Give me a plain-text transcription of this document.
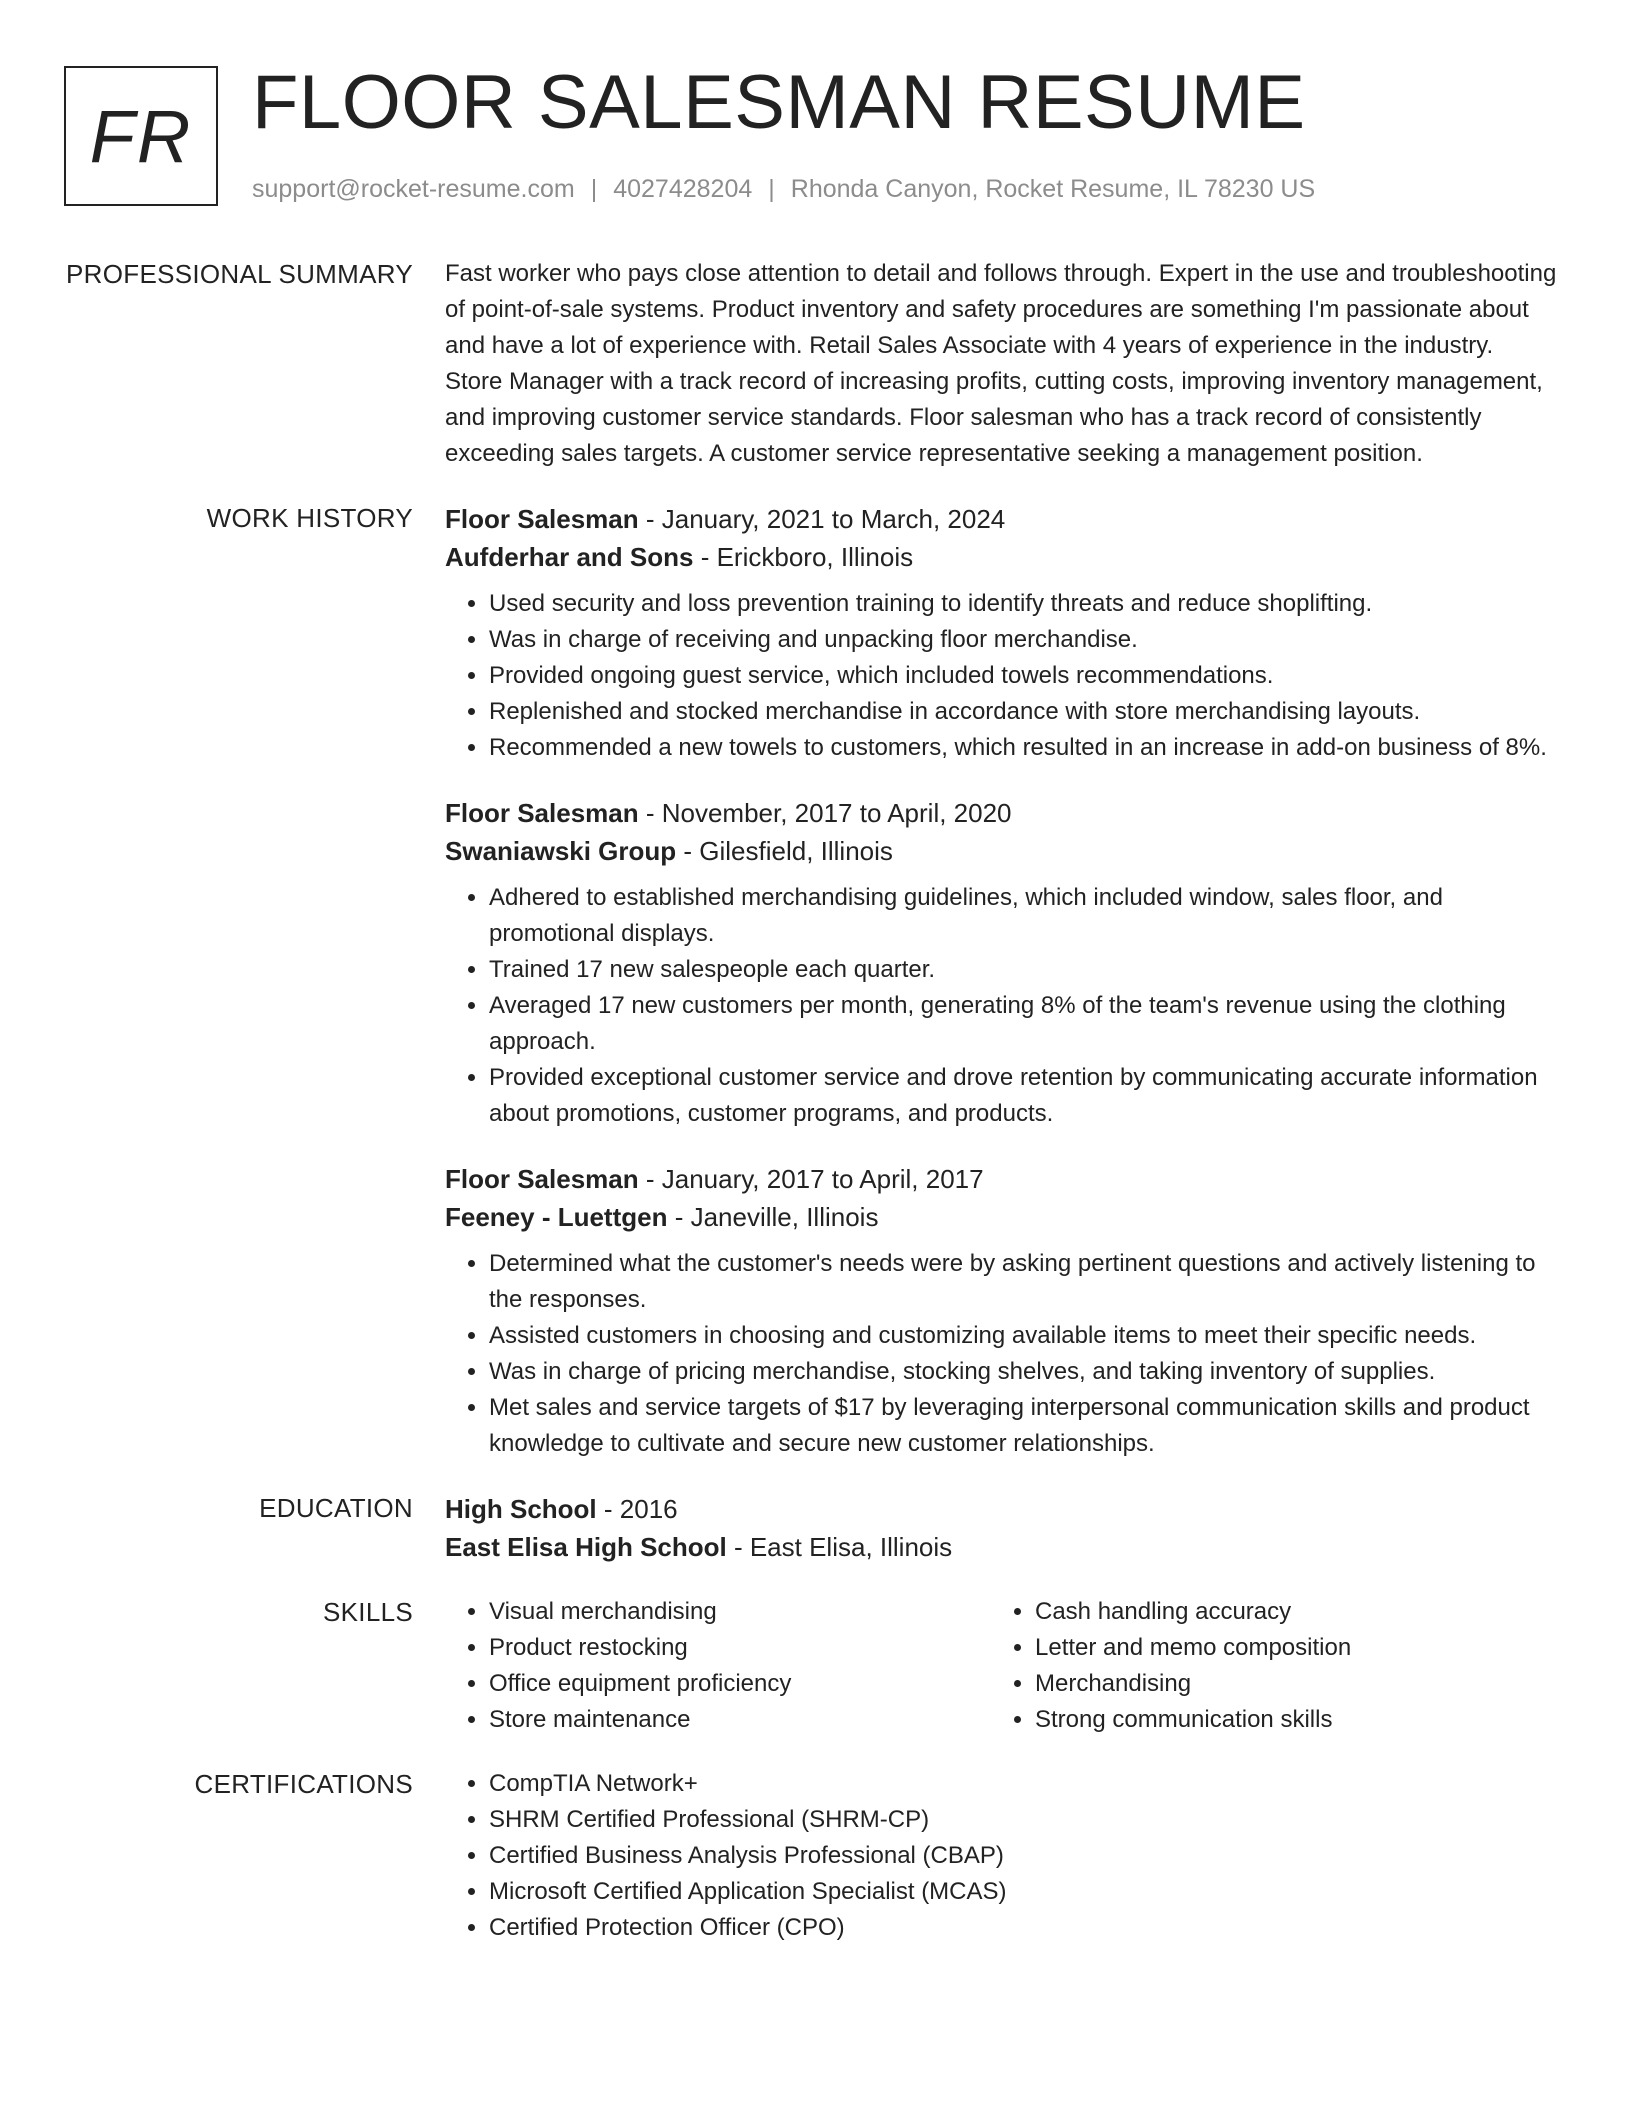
FR FLOOR SALESMAN RESUME
support@rocket-resume.com | 4027428204 | Rhonda Canyon, Rocket Resume, IL 78230 US
PROFESSIONAL SUMMARY Fast worker who pays close attention to detail and follows through. Expert in the use and troubleshooting of point-of-sale systems. Product inventory and safety procedures are something I'm passionate about and have a lot of experience with. Retail Sales Associate with 4 years of experience in the industry. Store Manager with a track record of increasing profits, cutting costs, improving inventory management, and improving customer service standards. Floor salesman who has a track record of consistently exceeding sales targets. A customer service representative seeking a management position.

WORK HISTORY Floor Salesman - January, 2021 to March, 2024
Aufderhar and Sons - Erickboro, Illinois
• Used security and loss prevention training to identify threats and reduce shoplifting.
• Was in charge of receiving and unpacking floor merchandise.
• Provided ongoing guest service, which included towels recommendations.
• Replenished and stocked merchandise in accordance with store merchandising layouts.
• Recommended a new towels to customers, which resulted in an increase in add-on business of 8%.
Floor Salesman - November, 2017 to April, 2020
Swaniawski Group - Gilesfield, Illinois
• Adhered to established merchandising guidelines, which included window, sales floor, and promotional displays.
• Trained 17 new salespeople each quarter.
• Averaged 17 new customers per month, generating 8% of the team's revenue using the clothing approach.
• Provided exceptional customer service and drove retention by communicating accurate information about promotions, customer programs, and products.
Floor Salesman - January, 2017 to April, 2017
Feeney - Luettgen - Janeville, Illinois
• Determined what the customer's needs were by asking pertinent questions and actively listening to the responses.
• Assisted customers in choosing and customizing available items to meet their specific needs.
• Was in charge of pricing merchandise, stocking shelves, and taking inventory of supplies.
• Met sales and service targets of $17 by leveraging interpersonal communication skills and product knowledge to cultivate and secure new customer relationships.
EDUCATION High School - 2016
East Elisa High School - East Elisa, Illinois
SKILLS	• Visual merchandising
• Product restocking
• Office equipment proficiency
• Store maintenance
• Cash handling accuracy
• Letter and memo composition
• Merchandising
• Strong communication skills
CERTIFICATIONS	• CompTIA Network+
• SHRM Certified Professional (SHRM-CP)
• Certified Business Analysis Professional (CBAP)
• Microsoft Certified Application Specialist (MCAS)
• Certified Protection Officer (CPO)
